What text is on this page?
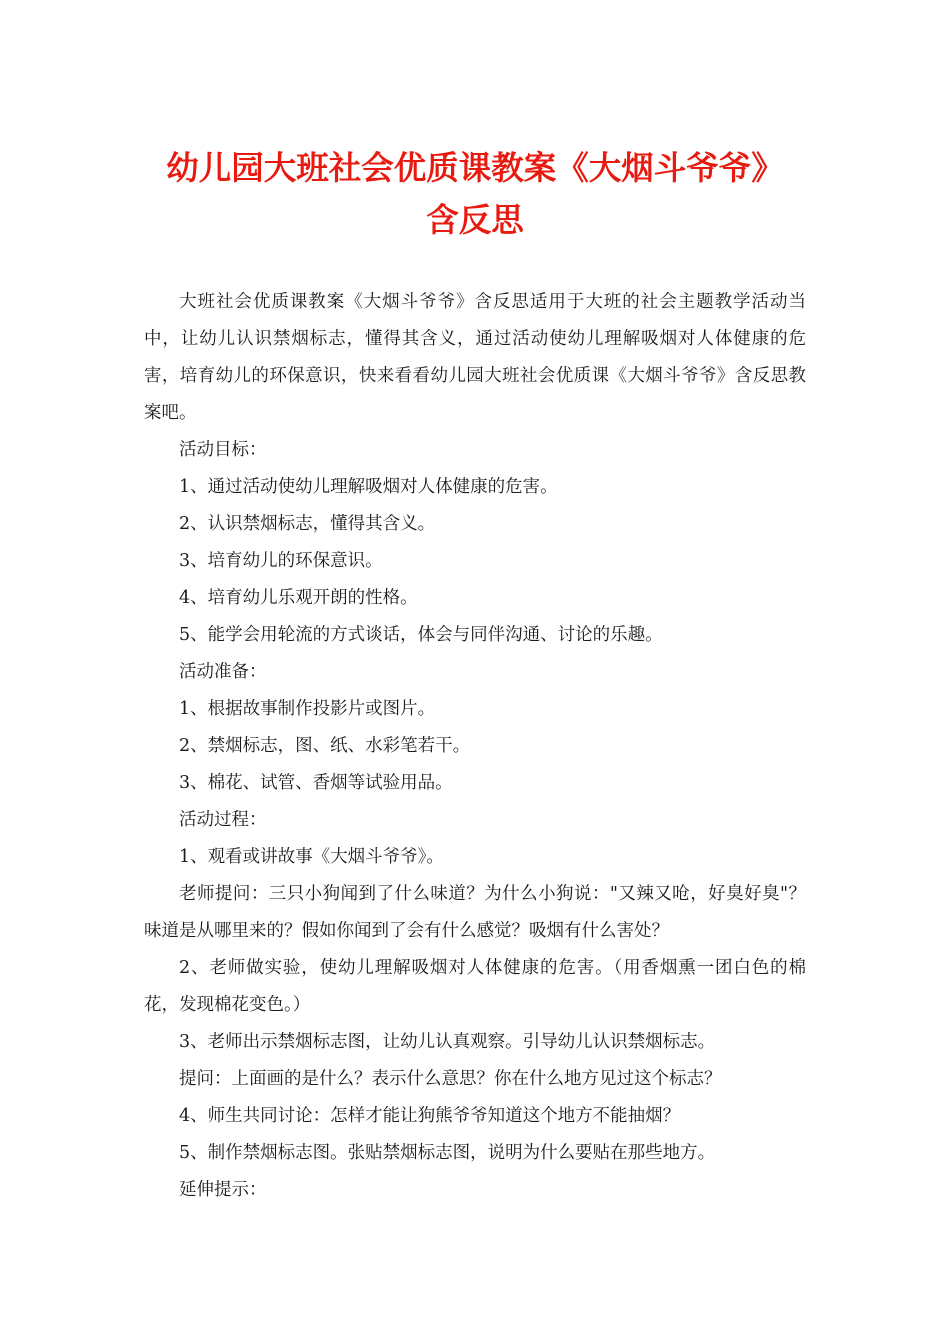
幼儿园大班社会优质课教案《大烟斗爷爷》
含反思

大班社会优质课教案《大烟斗爷爷》含反思适用于大班的社会主题教学活动当中，让幼儿认识禁烟标志，懂得其含义，通过活动使幼儿理解吸烟对人体健康的危害，培育幼儿的环保意识，快来看看幼儿园大班社会优质课《大烟斗爷爷》含反思教案吧。

活动目标：

1、通过活动使幼儿理解吸烟对人体健康的危害。

2、认识禁烟标志，懂得其含义。

3、培育幼儿的环保意识。

4、培育幼儿乐观开朗的性格。

5、能学会用轮流的方式谈话，体会与同伴沟通、讨论的乐趣。

活动准备：

1、根据故事制作投影片或图片。

2、禁烟标志，图、纸、水彩笔若干。

3、棉花、试管、香烟等试验用品。

活动过程：

1、观看或讲故事《大烟斗爷爷》。

老师提问：三只小狗闻到了什么味道？为什么小狗说："又辣又呛，好臭好臭"？味道是从哪里来的？假如你闻到了会有什么感觉？吸烟有什么害处？

2、老师做实验，使幼儿理解吸烟对人体健康的危害。（用香烟熏一团白色的棉花，发现棉花变色。）

3、老师出示禁烟标志图，让幼儿认真观察。引导幼儿认识禁烟标志。

提问：上面画的是什么？表示什么意思？你在什么地方见过这个标志？

4、师生共同讨论：怎样才能让狗熊爷爷知道这个地方不能抽烟？

5、制作禁烟标志图。张贴禁烟标志图，说明为什么要贴在那些地方。

延伸提示：
